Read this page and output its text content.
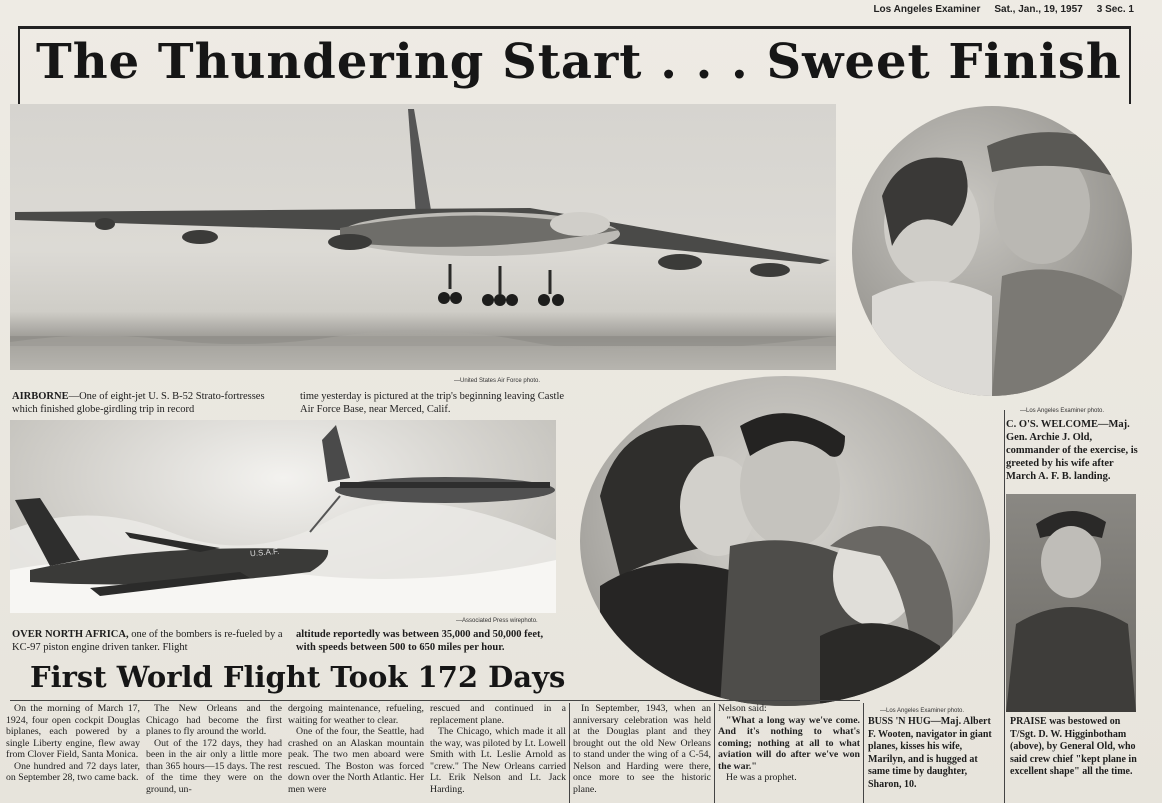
Los Angeles Examiner Sat., Jan., 19, 1957 3 Sec. 1
The Thundering Start . . . Sweet Finish
—United States Air Force photo.
AIRBORNE—One of eight-jet U. S. B-52 Strato-fortresses which finished globe-girdling trip in record
time yesterday is pictured at the trip's beginning leaving Castle Air Force Base, near Merced, Calif.
U.S.A.F.
—Associated Press wirephoto.
OVER NORTH AFRICA, one of the bombers is re-fueled by a KC-97 piston engine driven tanker. Flight
altitude reportedly was between 35,000 and 50,000 feet, with speeds between 500 to 650 miles per hour.
—Los Angeles Examiner photo.
C. O'S. WELCOME—Maj. Gen. Archie J. Old, commander of the exercise, is greeted by his wife after March A. F. B. landing.
—Los Angeles Examiner photo.
BUSS 'N HUG—Maj. Albert F. Wooten, navigator in giant planes, kisses his wife, Marilyn, and is hugged at same time by daughter, Sharon, 10.
PRAISE was bestowed on T/Sgt. D. W. Higginbotham (above), by General Old, who said crew chief "kept plane in excellent shape" all the time.
First World Flight Took 172 Days

On the morning of March 17, 1924, four open cockpit Douglas biplanes, each powered by a single Liberty engine, flew away from Clover Field, Santa Monica.

One hundred and 72 days later, on September 28, two came back.

The New Orleans and the Chicago had become the first planes to fly around the world.

Out of the 172 days, they had been in the air only a little more than 365 hours—15 days. The rest of the time they were on the ground, un-

dergoing maintenance, refueling, waiting for weather to clear.

One of the four, the Seattle, had crashed on an Alaskan mountain peak. The two men aboard were rescued. The Boston was forced down over the North Atlantic. Her men were

rescued and continued in a replacement plane.

The Chicago, which made it all the way, was piloted by Lt. Lowell Smith with Lt. Leslie Arnold as "crew." The New Orleans carried Lt. Erik Nelson and Lt. Jack Harding.

In September, 1943, when an anniversary celebration was held at the Douglas plant and they brought out the old New Orleans to stand under the wing of a C-54, Nelson and Harding were there, once more to see the historic plane.

Nelson said:

"What a long way we've come. And it's nothing to what's coming; nothing at all to what aviation will do after we've won the war."

He was a prophet.
